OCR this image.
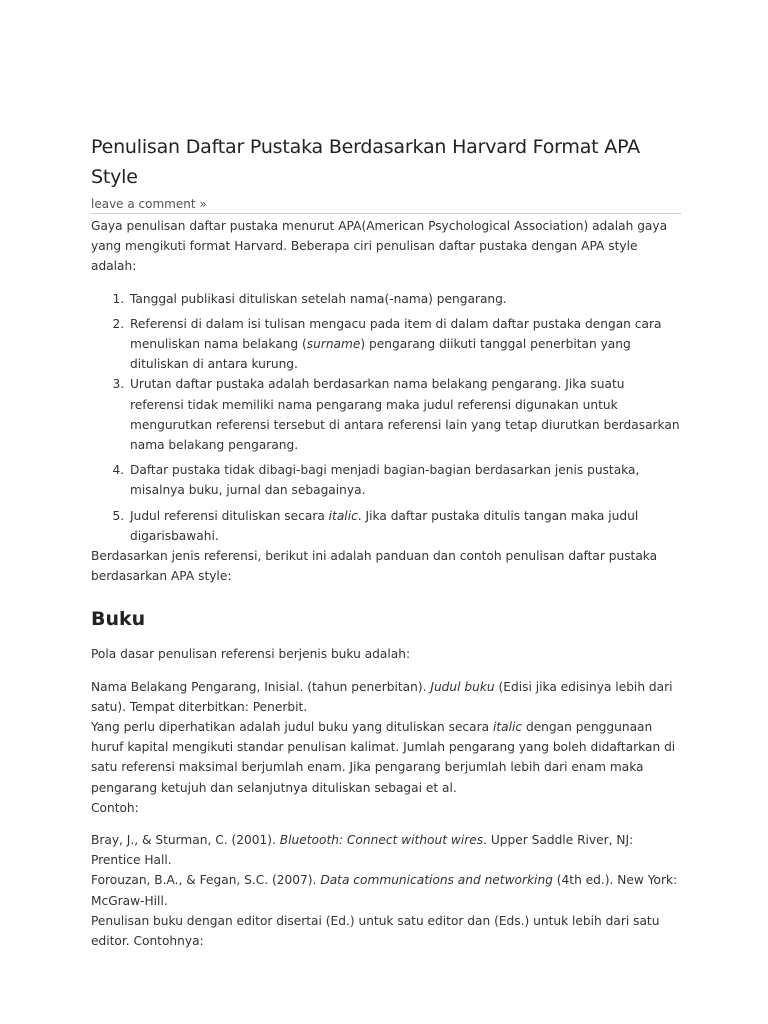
Penulisan Daftar Pustaka Berdasarkan Harvard Format APA Style
leave a comment »

Gaya penulisan daftar pustaka menurut APA(American Psychological Association) adalah gaya yang mengikuti format Harvard. Beberapa ciri penulisan daftar pustaka dengan APA style adalah:

1. Tanggal publikasi dituliskan setelah nama(-nama) pengarang.
2. Referensi di dalam isi tulisan mengacu pada item di dalam daftar pustaka dengan cara menuliskan nama belakang (surname) pengarang diikuti tanggal penerbitan yang dituliskan di antara kurung.
3. Urutan daftar pustaka adalah berdasarkan nama belakang pengarang. Jika suatu referensi tidak memiliki nama pengarang maka judul referensi digunakan untuk mengurutkan referensi tersebut di antara referensi lain yang tetap diurutkan berdasarkan nama belakang pengarang.
4. Daftar pustaka tidak dibagi-bagi menjadi bagian-bagian berdasarkan jenis pustaka, misalnya buku, jurnal dan sebagainya.
5. Judul referensi dituliskan secara italic. Jika daftar pustaka ditulis tangan maka judul digarisbawahi.

Berdasarkan jenis referensi, berikut ini adalah panduan dan contoh penulisan daftar pustaka berdasarkan APA style:

Buku

Pola dasar penulisan referensi berjenis buku adalah:

Nama Belakang Pengarang, Inisial. (tahun penerbitan). Judul buku (Edisi jika edisinya lebih dari satu). Tempat diterbitkan: Penerbit.

Yang perlu diperhatikan adalah judul buku yang dituliskan secara italic dengan penggunaan huruf kapital mengikuti standar penulisan kalimat. Jumlah pengarang yang boleh didaftarkan di satu referensi maksimal berjumlah enam. Jika pengarang berjumlah lebih dari enam maka pengarang ketujuh dan selanjutnya dituliskan sebagai et al.

Contoh:

Bray, J., & Sturman, C. (2001). Bluetooth: Connect without wires. Upper Saddle River, NJ: Prentice Hall.

Forouzan, B.A., & Fegan, S.C. (2007). Data communications and networking (4th ed.). New York: McGraw-Hill.

Penulisan buku dengan editor disertai (Ed.) untuk satu editor dan (Eds.) untuk lebih dari satu editor. Contohnya:
